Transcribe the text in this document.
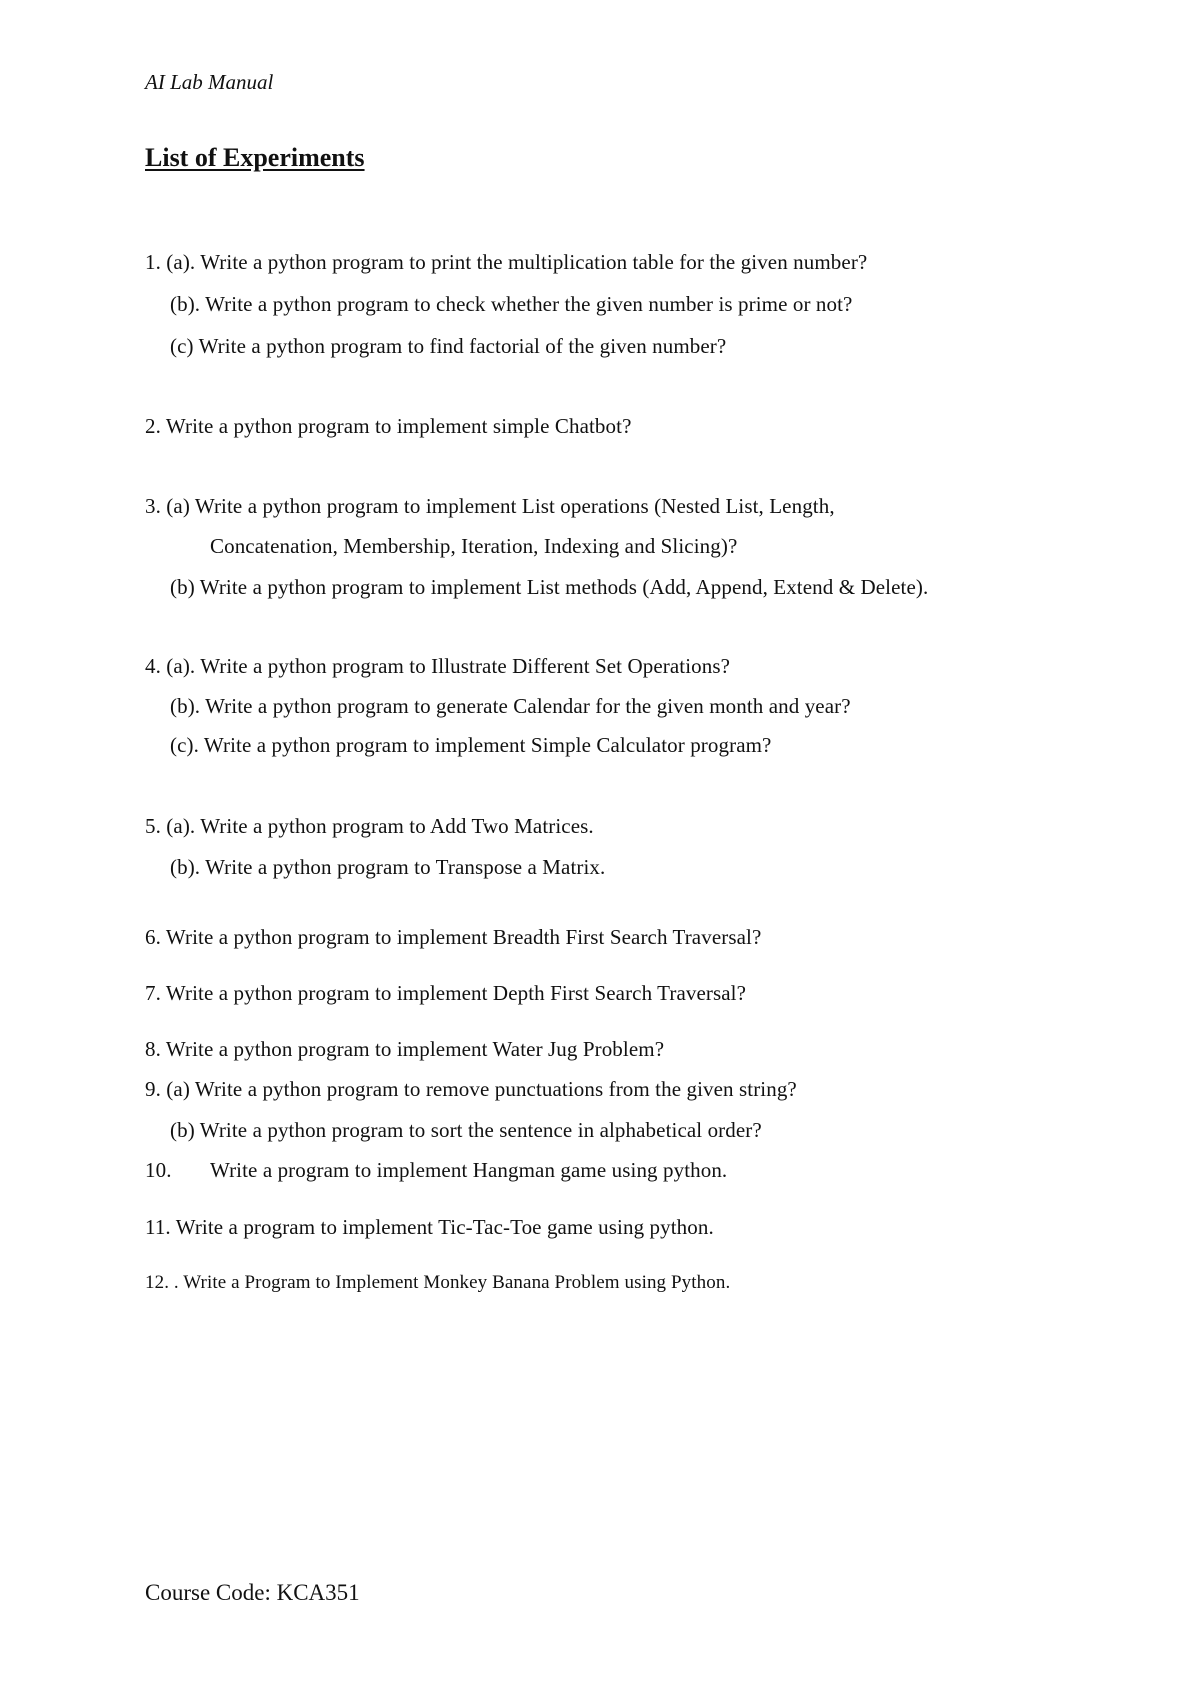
AI Lab Manual
List of Experiments
1. (a). Write a python program to print the multiplication table for the given number?
(b). Write a python program to check whether the given number is prime or not?
(c) Write a python program to find factorial of the given number?
2. Write a python program to implement simple Chatbot?
3. (a) Write a python program to implement List operations (Nested List, Length,
Concatenation, Membership, Iteration, Indexing and Slicing)?
(b) Write a python program to implement List methods (Add, Append, Extend & Delete).
4. (a). Write a python program to Illustrate Different Set Operations?
(b). Write a python program to generate Calendar for the given month and year?
(c). Write a python program to implement Simple Calculator program?
5. (a). Write a python program to Add Two Matrices.
(b). Write a python program to Transpose a Matrix.
6. Write a python program to implement Breadth First Search Traversal?
7. Write a python program to implement Depth First Search Traversal?
8. Write a python program to implement Water Jug Problem?
9. (a) Write a python program to remove punctuations from the given string?
(b) Write a python program to sort the sentence in alphabetical order?
10. Write a program to implement Hangman game using python.
11. Write a program to implement Tic-Tac-Toe game using python.
12. . Write a Program to Implement Monkey Banana Problem using Python.
Course Code: KCA351
